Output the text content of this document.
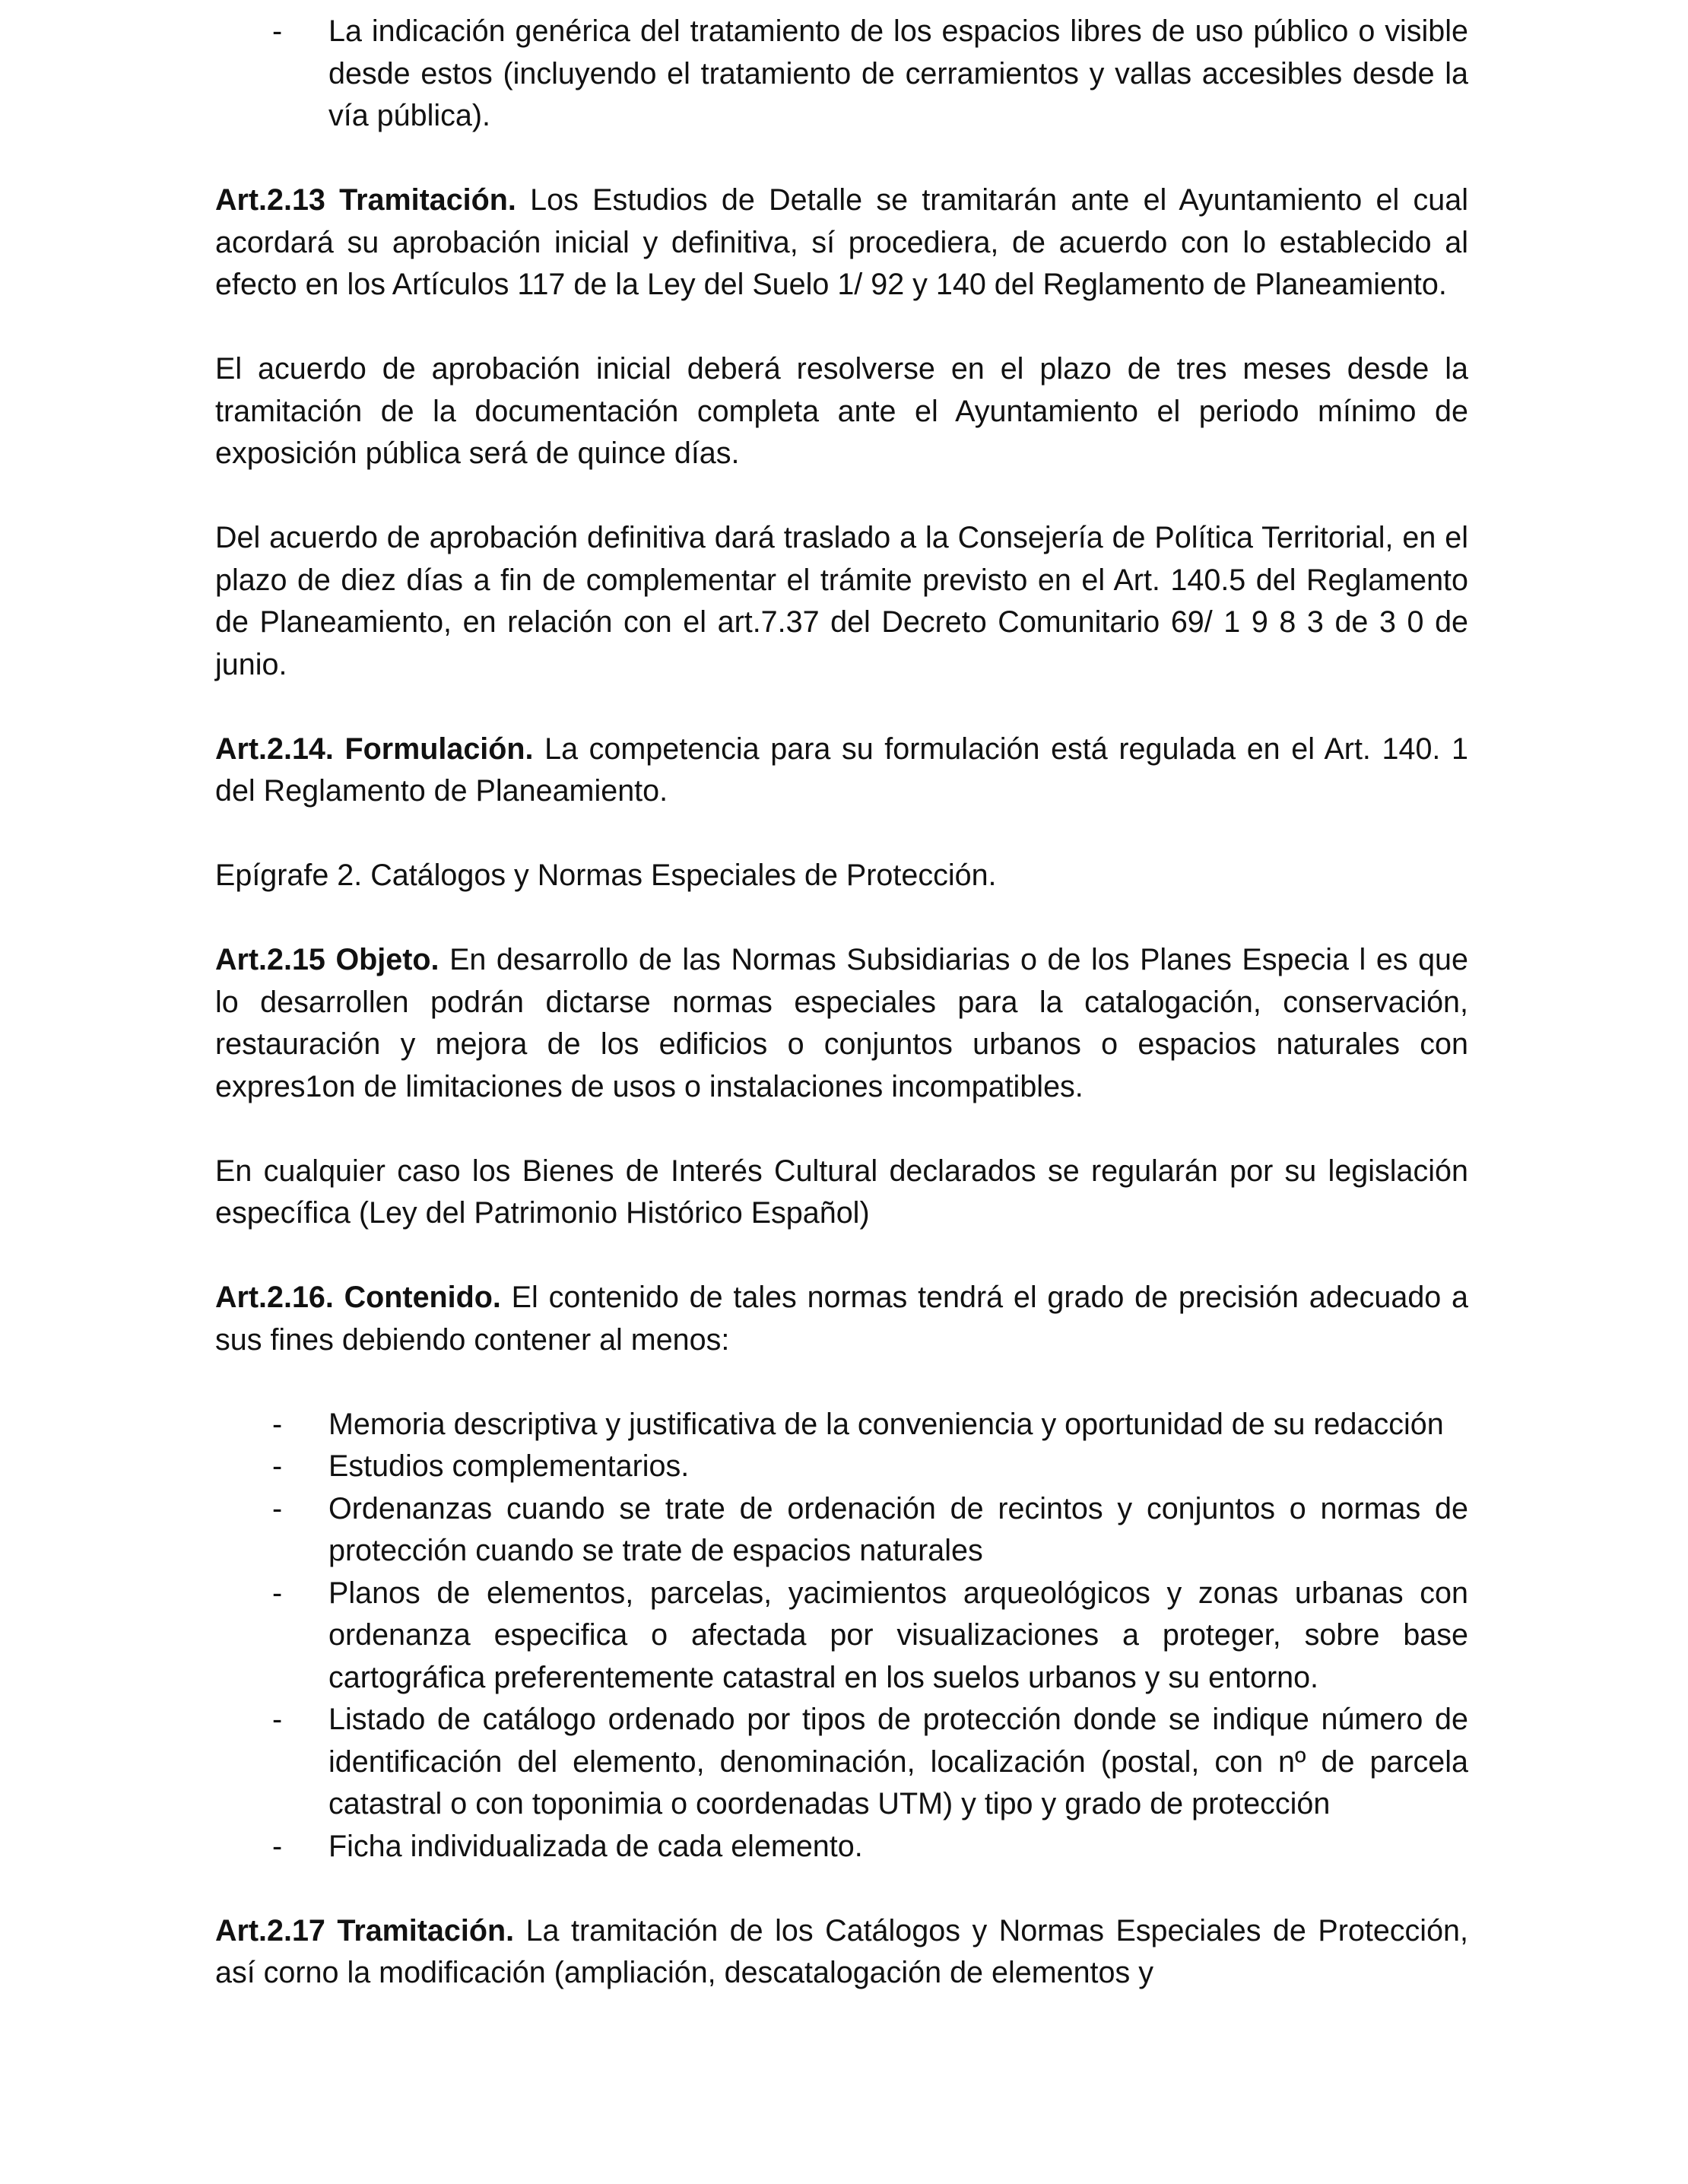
- La indicación genérica del tratamiento de los espacios libres de uso público o visible desde estos (incluyendo el tratamiento de cerramientos y vallas accesibles desde la vía pública).

Art.2.13 Tramitación. Los Estudios de Detalle se tramitarán ante el Ayuntamiento el cual acordará su aprobación inicial y definitiva, sí procediera, de acuerdo con lo establecido al efecto en los Artículos 117 de la Ley del Suelo 1/ 92 y 140 del Reglamento de Planeamiento.

El acuerdo de aprobación inicial deberá resolverse en el plazo de tres meses desde la tramitación de la documentación completa ante el Ayuntamiento el periodo mínimo de exposición pública será de quince días.

Del acuerdo de aprobación definitiva dará traslado a la Consejería de Política Territorial, en el plazo de diez días a fin de complementar el trámite previsto en el Art. 140.5 del Reglamento de Planeamiento, en relación con el art.7.37 del Decreto Comunitario 69/ 1 9 8 3 de 3 0 de junio.

Art.2.14. Formulación. La competencia para su formulación está regulada en el Art. 140. 1 del Reglamento de Planeamiento.

Epígrafe 2. Catálogos y Normas Especiales de Protección.

Art.2.15 Objeto. En desarrollo de las Normas Subsidiarias o de los Planes Especia l es que lo desarrollen podrán dictarse normas especiales para la catalogación, conservación, restauración y mejora de los edificios o conjuntos urbanos o espacios naturales con expres1on de limitaciones de usos o instalaciones incompatibles.

En cualquier caso los Bienes de Interés Cultural declarados se regularán por su legislación específica (Ley del Patrimonio Histórico Español)

Art.2.16. Contenido. El contenido de tales normas tendrá el grado de precisión adecuado a sus fines debiendo contener al menos:

- Memoria descriptiva y justificativa de la conveniencia y oportunidad de su redacción
- Estudios complementarios.
- Ordenanzas cuando se trate de ordenación de recintos y conjuntos o normas de protección cuando se trate de espacios naturales
- Planos de elementos, parcelas, yacimientos arqueológicos y zonas urbanas con ordenanza especifica o afectada por visualizaciones a proteger, sobre base cartográfica preferentemente catastral en los suelos urbanos y su entorno.
- Listado de catálogo ordenado por tipos de protección donde se indique número de identificación del elemento, denominación, localización (postal, con nº de parcela catastral o con toponimia o coordenadas UTM) y tipo y grado de protección
- Ficha individualizada de cada elemento.

Art.2.17 Tramitación. La tramitación de los Catálogos y Normas Especiales de Protección, así corno la modificación (ampliación, descatalogación de elementos y
